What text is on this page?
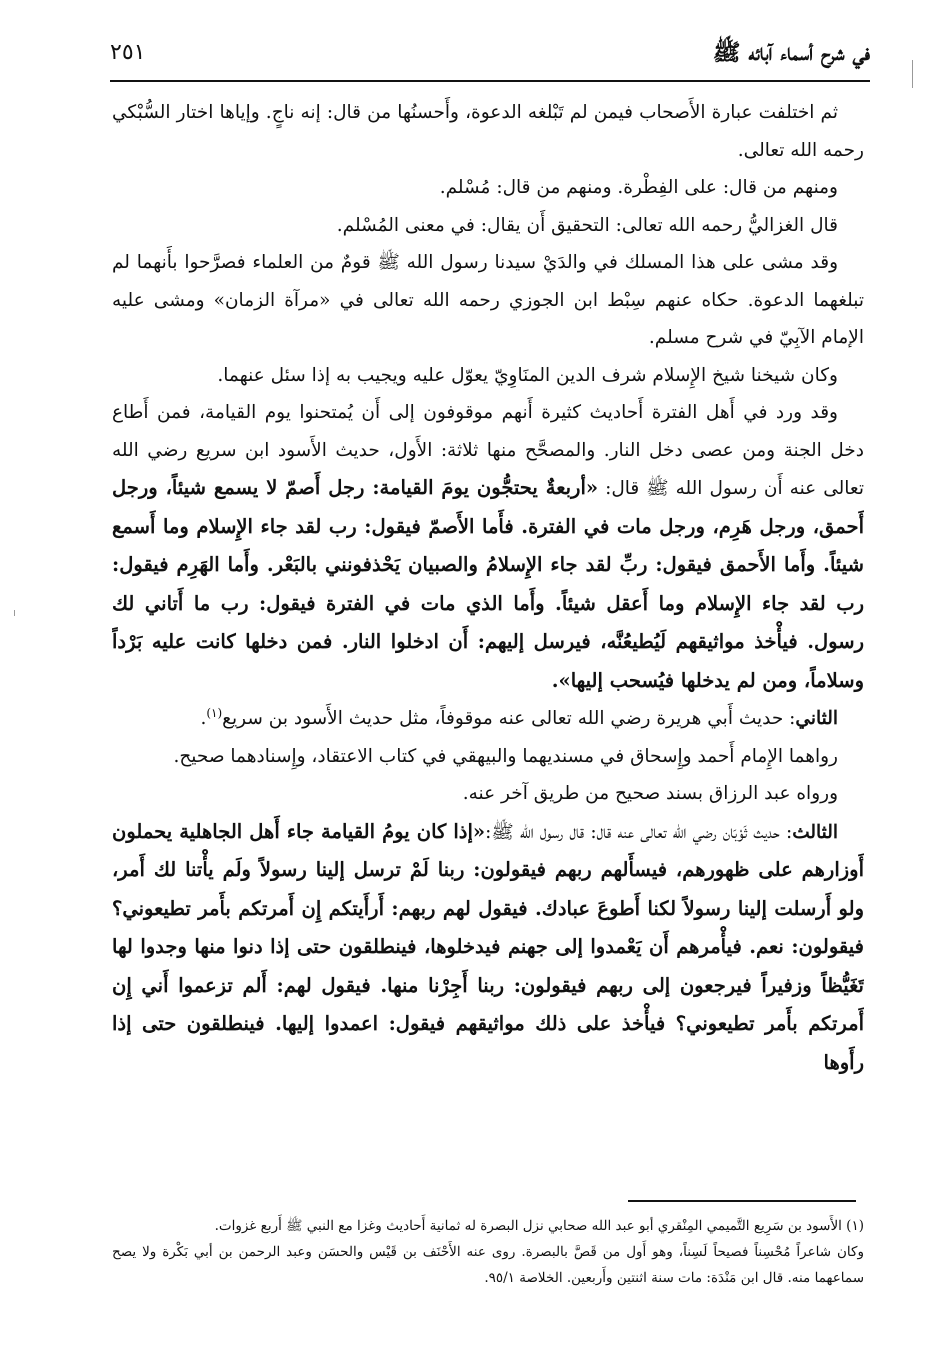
في شرح أسماء آبائه ﷺ
٢٥١

ثم اختلفت عبارة الأَصحاب فيمن لم تَبْلغه الدعوة، وأَحسنُها من قال: إنه ناجٍ. وإياها اختار السُّبْكي رحمه الله تعالى.

ومنهم من قال: على الفِطْرة. ومنهم من قال: مُسْلم.

قال الغزاليُّ رحمه الله تعالى: التحقيق أَن يقال: في معنى المُسْلم.

وقد مشى على هذا المسلك في والدَيْ سيدنا رسول الله ﷺ قومٌ من العلماء فصرَّحوا بأَنهما لم تبلغهما الدعوة. حكاه عنهم سِبْط ابن الجوزي رحمه الله تعالى في «مرآة الزمان» ومشى عليه الإمام الآبِيّ في شرح مسلم.

وكان شيخنا شيخ الإِسلام شرف الدين المنَاوِيّ يعوّل عليه ويجيب به إذا سئل عنهما.

وقد ورد في أَهل الفترة أَحاديث كثيرة أَنهم موقوفون إلى أَن يُمتحنوا يوم القيامة، فمن أَطاع دخل الجنة ومن عصى دخل النار. والمصحَّح منها ثلاثة: الأَول، حديث الأَسود ابن سريع رضي الله تعالى عنه أَن رسول الله ﷺ قال: «أربعةٌ يحتجُّون يومَ القيامة: رجل أَصمّ لا يسمع شيئاً، ورجل أَحمق، ورجل هَرِم، ورجل مات في الفترة. فأَما الأَصمّ فيقول: رب لقد جاء الإِسلام وما أَسمع شيئاً. وأَما الأَحمق فيقول: ربِّ لقد جاء الإِسلامُ والصبيان يَحْذفونني بالبَعْر. وأَما الهَرِم فيقول: رب لقد جاء الإِسلام وما أَعقل شيئاً. وأَما الذي مات في الفترة فيقول: رب ما أَتاني لك رسول. فيأْخذ مواثيقهم لَيُطيعُنَّه، فيرسل إليهم: أَن ادخلوا النار. فمن دخلها كانت عليه بَرْداً وسلاماً، ومن لم يدخلها فيُسحب إليها».

الثاني: حديث أَبي هريرة رضي الله تعالى عنه موقوفاً، مثل حديث الأَسود بن سريع$^{(١)}$.

رواهما الإِمام أَحمد وإِسحاق في مسنديهما والبيهقي في كتاب الاعتقاد، وإِسنادهما صحيح.

ورواه عبد الرزاق بسند صحيح من طريق آخر عنه.

الثالث: حديث ثَوْبَان رضي الله تعالى عنه قال: قال رسول الله ﷺ:«إذا كان يومُ القيامة جاء أَهل الجاهلية يحملون أَوزارهم على ظهورهم، فيسأَلهم ربهم فيقولون: ربنا لَمْ ترسل إلينا رسولاً ولَم يأْتنا لك أَمر، ولو أَرسلت إلينا رسولاً لكنا أَطوعَ عبادك. فيقول لهم ربهم: أَرأَيتكم إِن أَمرتكم بأَمر تطيعوني؟ فيقولون: نعم. فيأْمرهم أَن يَعْمدوا إلى جهنم فيدخلوها، فينطلقون حتى إذا دنوا منها وجدوا لها تَغَيُّظاً وزفيراً فيرجعون إلى ربهم فيقولون: ربنا أَجِرْنا منها. فيقول لهم: أَلم تزعموا أَني إِن أَمرتكم بأَمر تطيعوني؟ فيأْخذ على ذلك مواثيقهم فيقول: اعمدوا إليها. فينطلقون حتى إذا رأَوها

(١) الأَسود بن سَرِيع التَّميمي المِنْقري أبو عبد الله صحابي نزل البصرة له ثمانية أَحاديث وغزا مع النبي ﷺ أَربع غزوات.

وكان شاعراً مُحْسِناً فصيحاً لَسِناً، وهو أَول من قَصَّ بالبصرة. روى عنه الأَحْنَف بن قَيْس والحسَن وعبد الرحمن بن أبي بَكْرة ولا يصح سماعهما منه. قال ابن مَنْدَة: مات سنة اثنتين وأَربعين. الخلاصة ٩٥/١.
